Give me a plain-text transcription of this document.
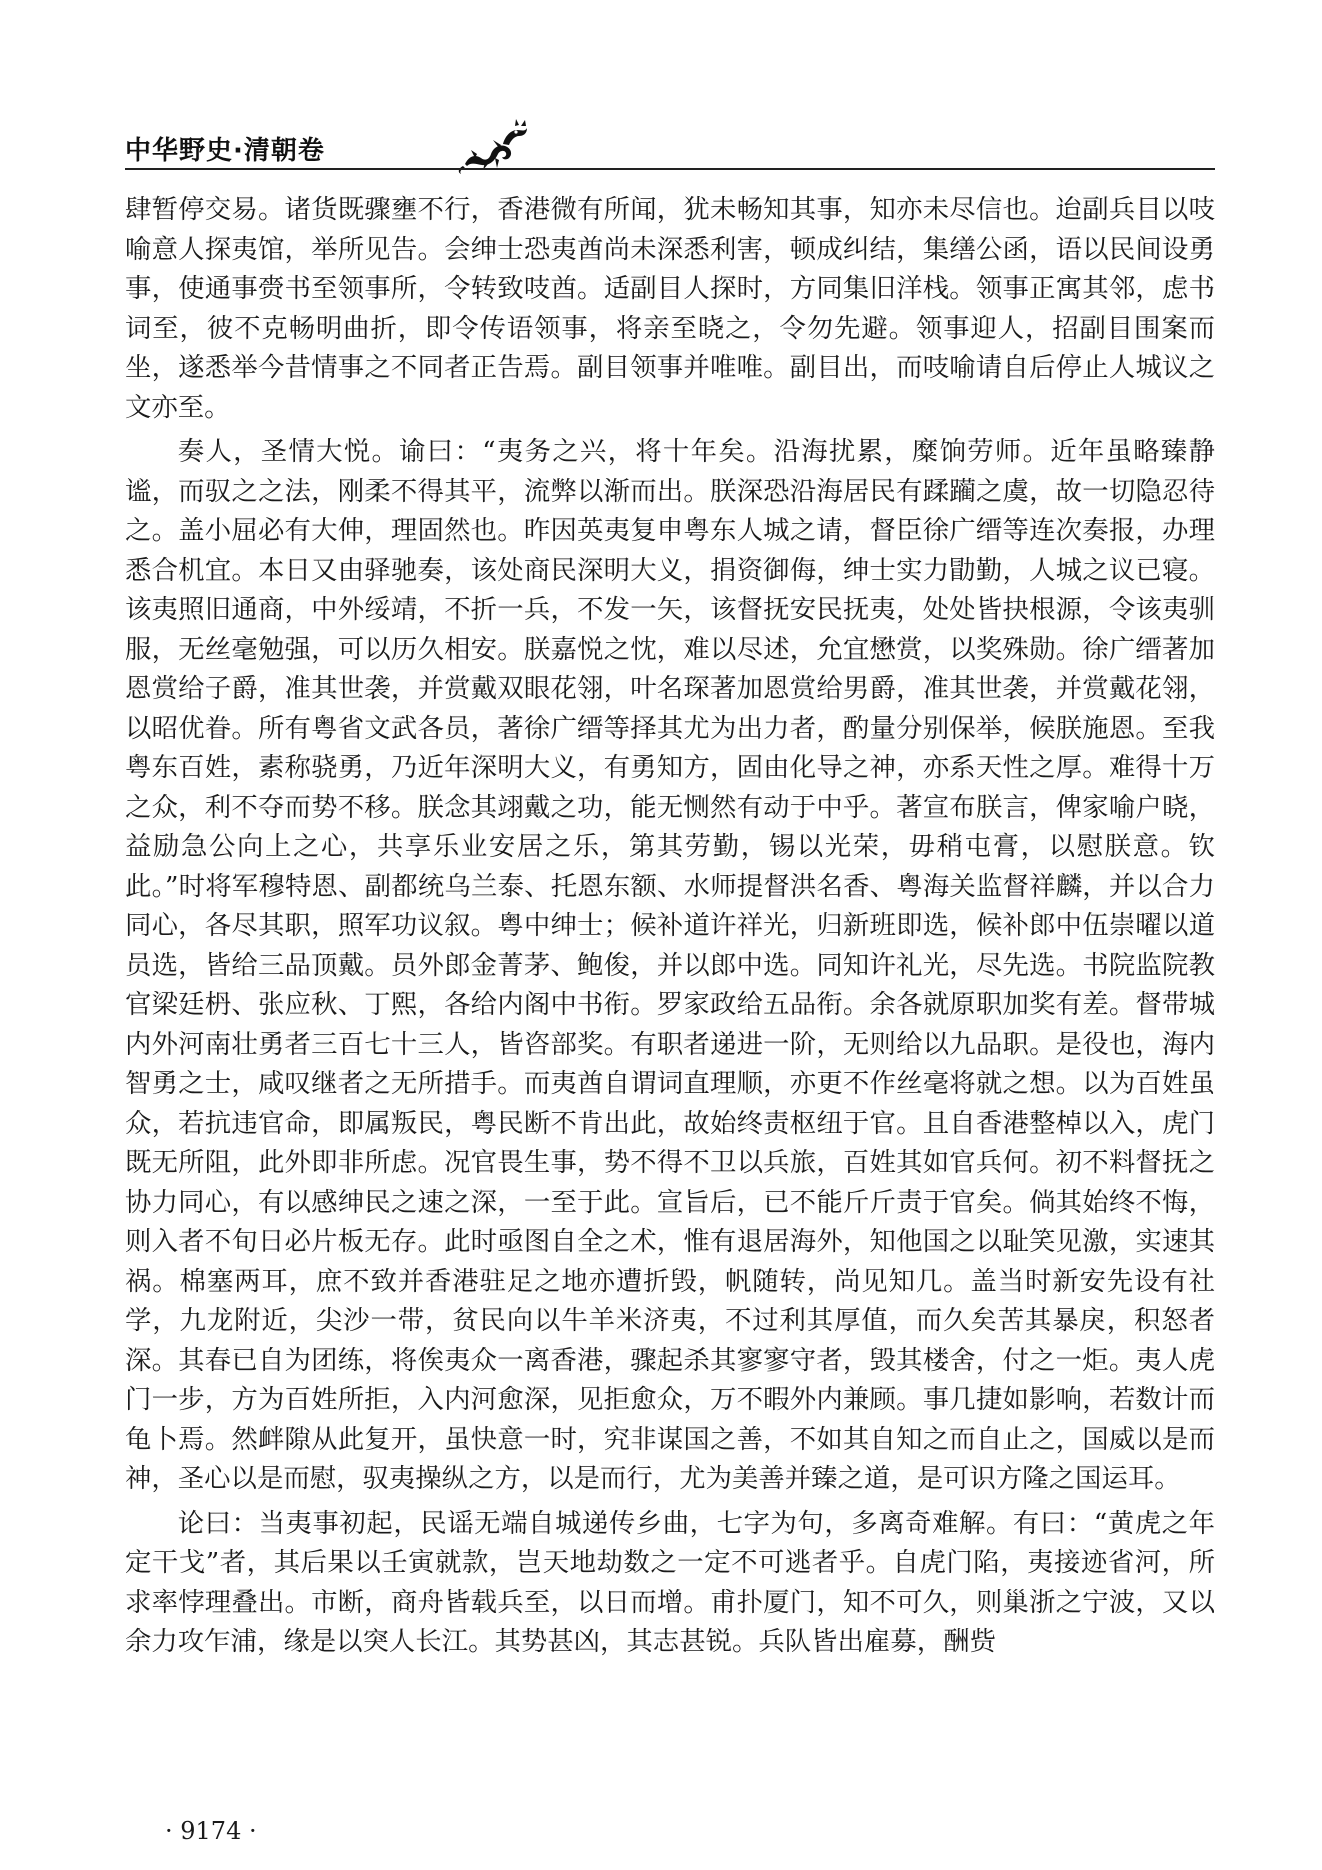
中华野史·清朝卷

肆暂停交易。诸货既骤壅不行，香港微有所闻，犹未畅知其事，知亦未尽信也。迨副兵目以吱喻意人探夷馆，举所见告。会绅士恐夷酋尚未深悉利害，顿成纠结，集缮公函，语以民间设勇事，使通事赍书至领事所，令转致吱酋。适副目人探时，方同集旧洋栈。领事正寓其邻，虑书词至，彼不克畅明曲折，即令传语领事，将亲至晓之，令勿先避。领事迎人，招副目围案而坐，遂悉举今昔情事之不同者正告焉。副目领事并唯唯。副目出，而吱喻请自后停止人城议之文亦至。

奏人，圣情大悦。谕曰：“夷务之兴，将十年矣。沿海扰累，糜饷劳师。近年虽略臻静谧，而驭之之法，刚柔不得其平，流弊以渐而出。朕深恐沿海居民有蹂躏之虞，故一切隐忍待之。盖小屈必有大伸，理固然也。昨因英夷复申粤东人城之请，督臣徐广缙等连次奏报，办理悉合机宜。本日又由驿驰奏，该处商民深明大义，捐资御侮，绅士实力勖勤，人城之议已寝。该夷照旧通商，中外绥靖，不折一兵，不发一矢，该督抚安民抚夷，处处皆抉根源，令该夷驯服，无丝毫勉强，可以历久相安。朕嘉悦之忱，难以尽述，允宜懋赏，以奖殊勋。徐广缙著加恩赏给子爵，准其世袭，并赏戴双眼花翎，叶名琛著加恩赏给男爵，准其世袭，并赏戴花翎，以昭优眷。所有粤省文武各员，著徐广缙等择其尤为出力者，酌量分别保举，候朕施恩。至我粤东百姓，素称骁勇，乃近年深明大义，有勇知方，固由化导之神，亦系天性之厚。难得十万之众，利不夺而势不移。朕念其翊戴之功，能无恻然有动于中乎。著宣布朕言，俾家喻户晓，益励急公向上之心，共享乐业安居之乐，第其劳勤，锡以光荣，毋稍屯膏，以慰朕意。钦此。”时将军穆特恩、副都统乌兰泰、托恩东额、水师提督洪名香、粤海关监督祥麟，并以合力同心，各尽其职，照军功议叙。粤中绅士；候补道许祥光，归新班即选，候补郎中伍崇曜以道员选，皆给三品顶戴。员外郎金菁茅、鲍俊，并以郎中选。同知许礼光，尽先选。书院监院教官梁廷枬、张应秋、丁熙，各给内阁中书衔。罗家政给五品衔。余各就原职加奖有差。督带城内外河南壮勇者三百七十三人，皆咨部奖。有职者递进一阶，无则给以九品职。是役也，海内智勇之士，咸叹继者之无所措手。而夷酋自谓词直理顺，亦更不作丝毫将就之想。以为百姓虽众，若抗违官命，即属叛民，粤民断不肯出此，故始终责枢纽于官。且自香港整棹以入，虎门既无所阻，此外即非所虑。况官畏生事，势不得不卫以兵旅，百姓其如官兵何。初不料督抚之协力同心，有以感绅民之速之深，一至于此。宣旨后，已不能斤斤责于官矣。倘其始终不悔，则入者不旬日必片板无存。此时亟图自全之术，惟有退居海外，知他国之以耻笑见激，实速其祸。棉塞两耳，庶不致并香港驻足之地亦遭折毁，帆随转，尚见知几。盖当时新安先设有社学，九龙附近，尖沙一带，贫民向以牛羊米济夷，不过利其厚值，而久矣苦其暴戾，积怒者深。其春已自为团练，将俟夷众一离香港，骤起杀其寥寥守者，毁其楼舍，付之一炬。夷人虎门一步，方为百姓所拒，入内河愈深，见拒愈众，万不暇外内兼顾。事几捷如影响，若数计而龟卜焉。然衅隙从此复开，虽快意一时，究非谋国之善，不如其自知之而自止之，国威以是而神，圣心以是而慰，驭夷操纵之方，以是而行，尤为美善并臻之道，是可识方隆之国运耳。

论曰：当夷事初起，民谣无端自城递传乡曲，七字为句，多离奇难解。有曰：“黄虎之年定干戈”者，其后果以壬寅就款，岂天地劫数之一定不可逃者乎。自虎门陷，夷接迹省河，所求率悖理叠出。市断，商舟皆载兵至，以日而增。甫扑厦门，知不可久，则巢浙之宁波，又以余力攻乍浦，缘是以突人长江。其势甚凶，其志甚锐。兵队皆出雇募，酬赀

· 9174 ·
